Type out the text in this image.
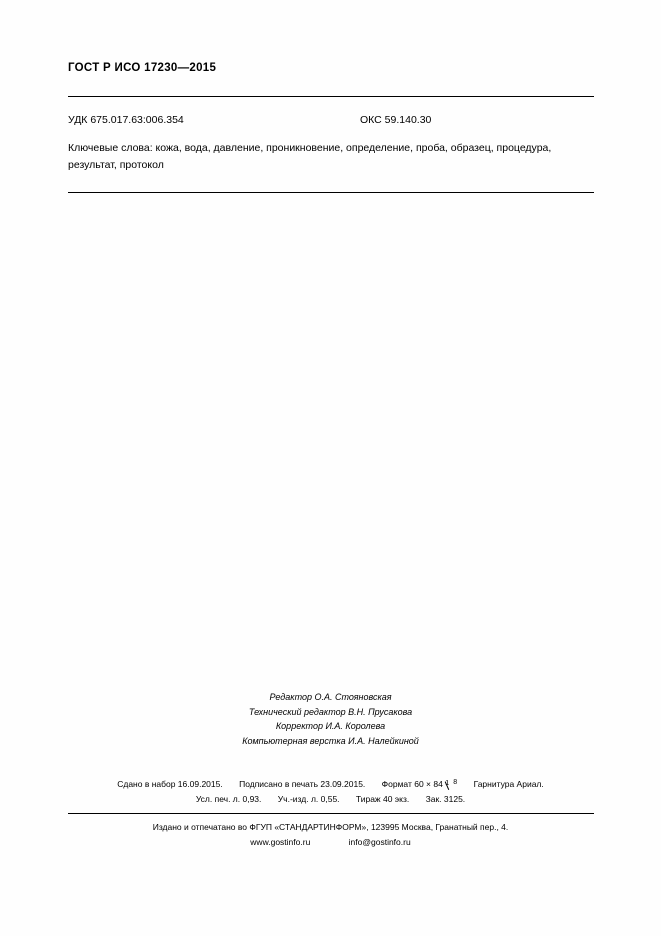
ГОСТ Р ИСО 17230—2015
УДК 675.017.63:006.354	ОКС 59.140.30
Ключевые слова: кожа, вода, давление, проникновение, определение, проба, образец, процедура,
результат, протокол
Редактор О.А. Стояновская
Технический редактор В.Н. Прусакова
Корректор И.А. Королева
Компьютерная верстка И.А. Налейкиной
Сдано в набор 16.09.2015. Подписано в печать 23.09.2015. Формат 60 × 84 1 8 Гарнитура Ариал.
Усл. печ. л. 0,93. Уч.-изд. л. 0,55. Тираж 40 экз. Зак. 3125.
Издано и отпечатано во ФГУП «СТАНДАРТИНФОРМ», 123995 Москва, Гранатный пер., 4.
www.gostinfo.ru	info@gostinfo.ru
